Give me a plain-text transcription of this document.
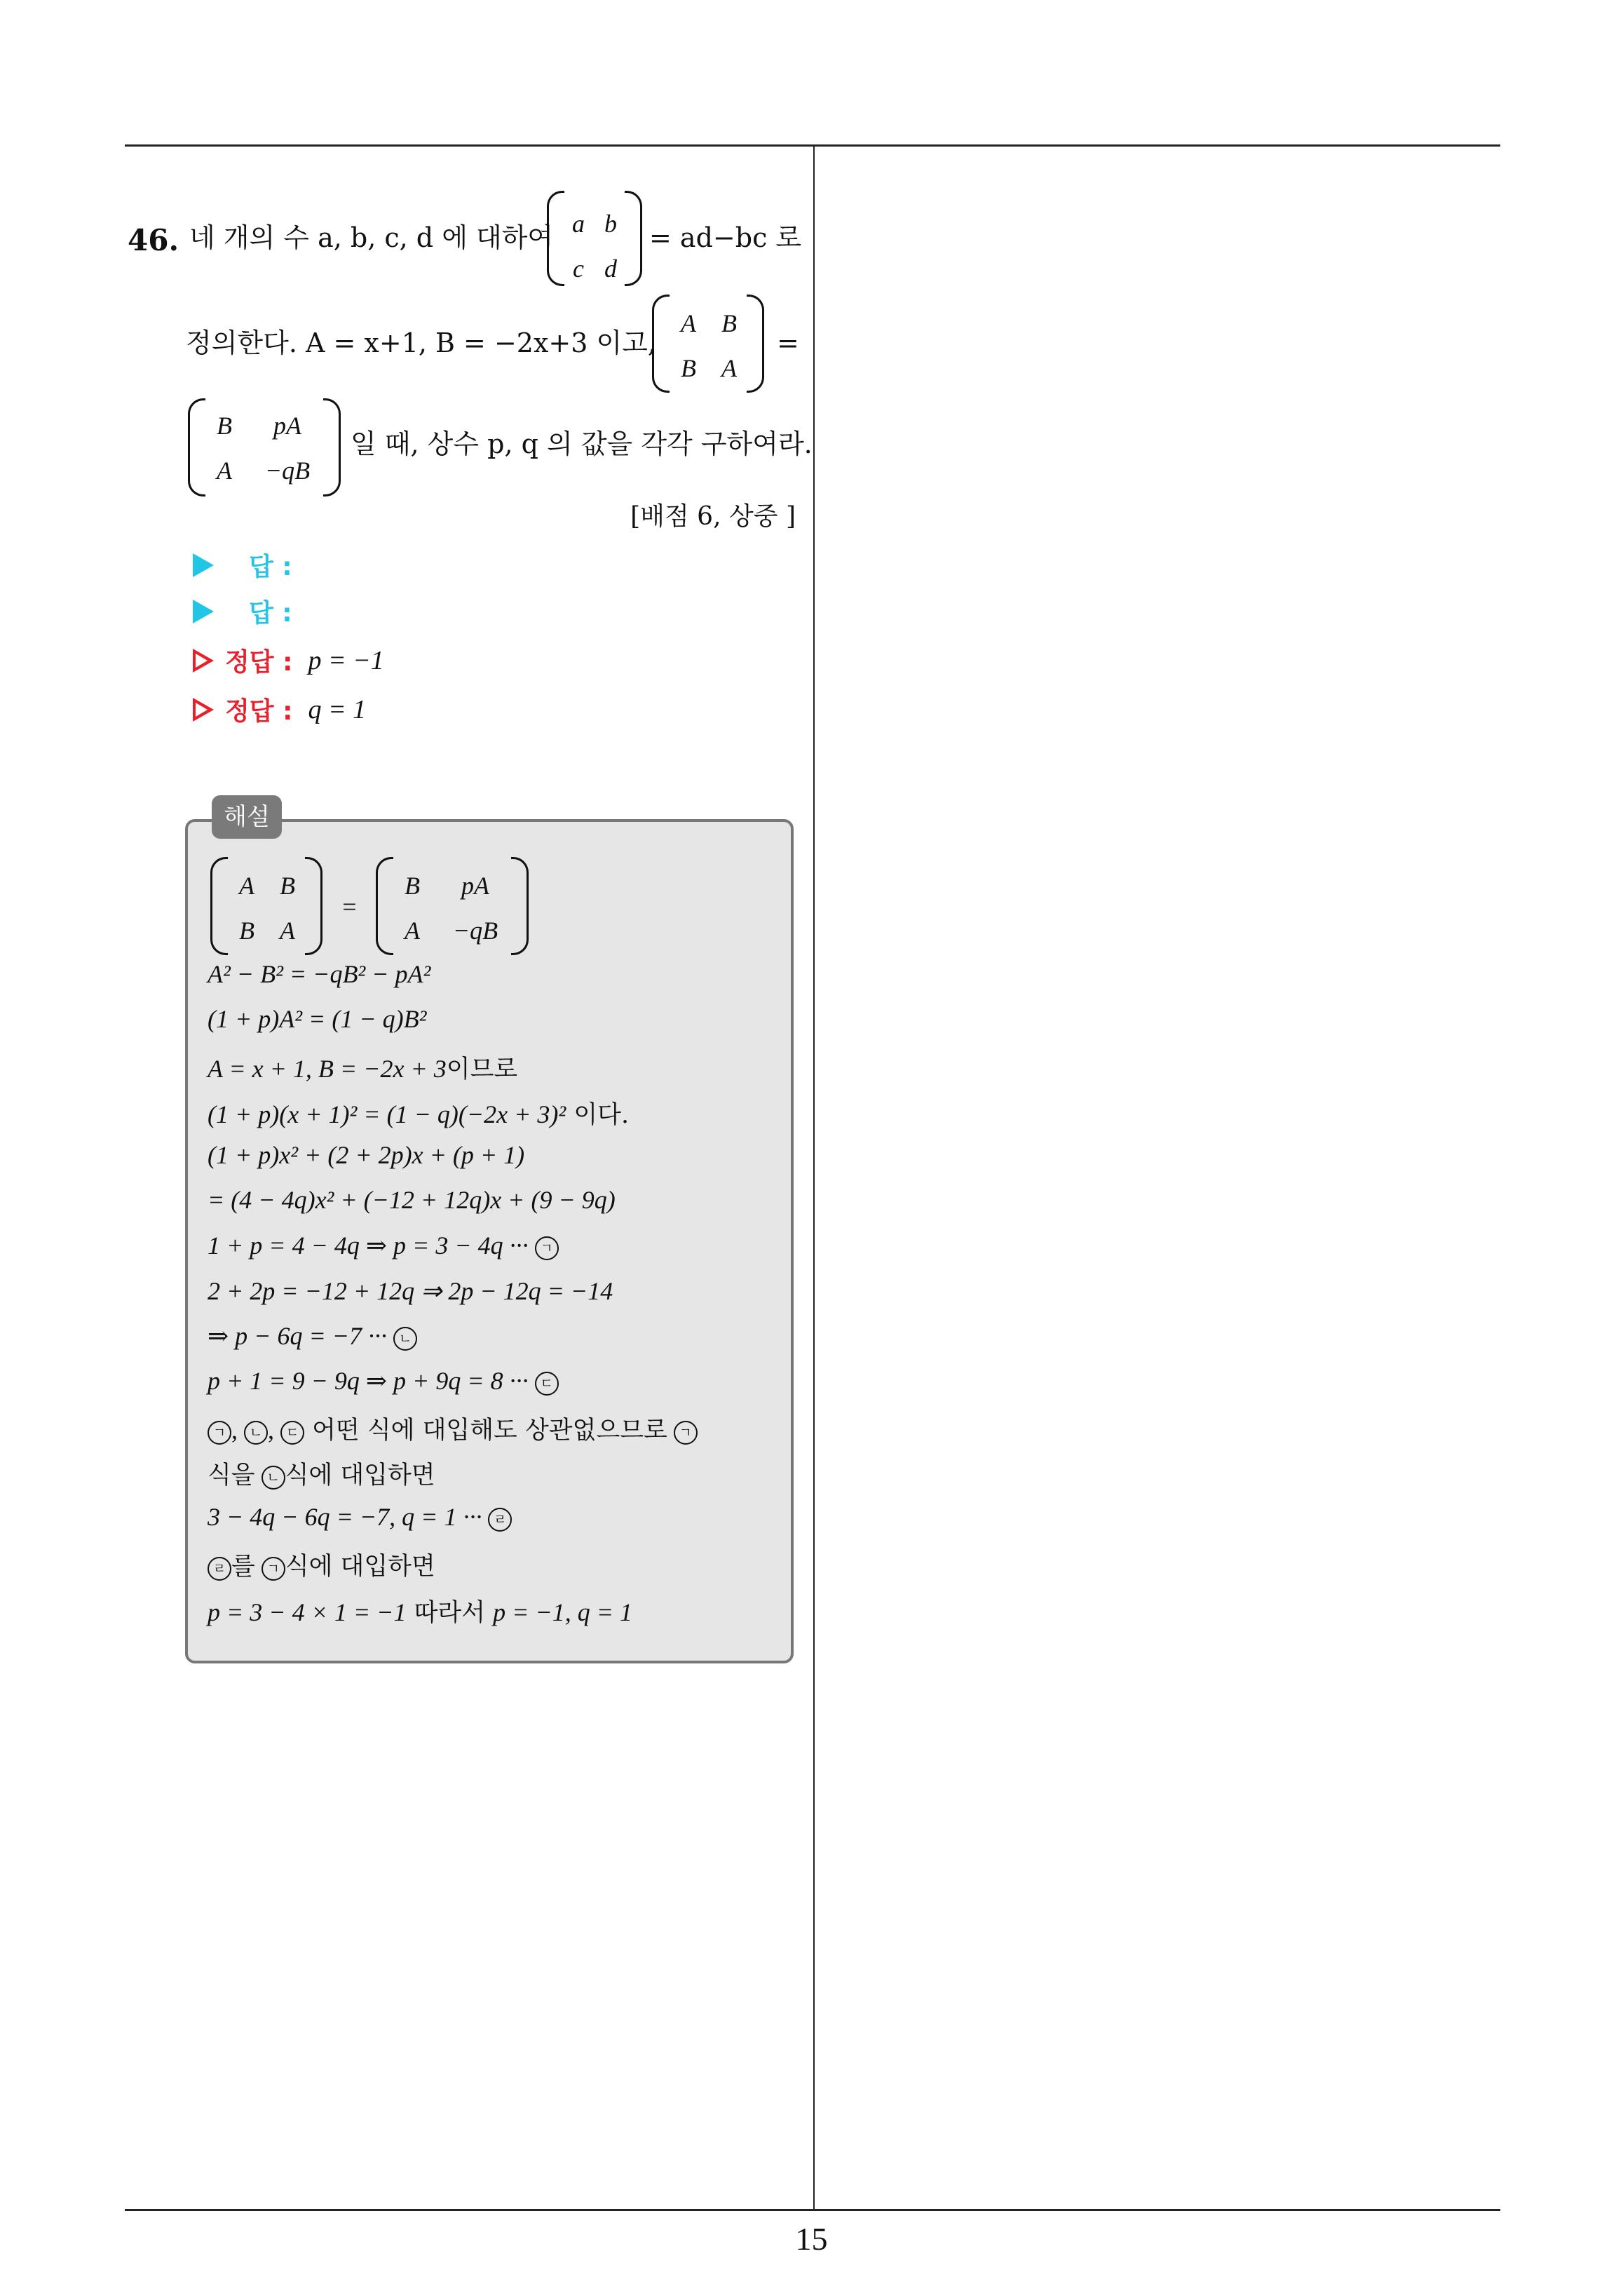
46. 네 개의 수 a, b, c, d 에 대하여 a b
c d
= ad−bc 로
정의한다. A = x+1, B = −2x+3 이고,
A	B
B	A
=
B	pA
A	−qB
일 때, 상수 p, q 의 값을 각각 구하여라.
[배점 6, 상중 ]
답 :
답 :
정답 : p = −1
정답 : q = 1
해설
A	B
B	A
=
B	pA
A	−qB
A² − B² = −qB² − pA²
(1 + p)A² = (1 − q)B²
A = x + 1, B = −2x + 3이므로
(1 + p)(x + 1)² = (1 − q)(−2x + 3)² 이다.
(1 + p)x² + (2 + 2p)x + (p + 1)
= (4 − 4q)x² + (−12 + 12q)x + (9 − 9q)
1 + p = 4 − 4q ⇒ p = 3 − 4q ··· ㄱ
2 + 2p = −12 + 12q ⇒ 2p − 12q = −14
⇒ p − 6q = −7 ··· ㄴ
p + 1 = 9 − 9q ⇒ p + 9q = 8 ··· ㄷ
ㄱ , ㄴ , ㄷ 어떤 식에 대입해도 상관없으므로 ㄱ
식을 ㄴ 식에 대입하면
3 − 4q − 6q = −7, q = 1 ··· ㄹ
ㄹ 를 ㄱ 식에 대입하면
p = 3 − 4 × 1 = −1 따라서 p = −1, q = 1
15
